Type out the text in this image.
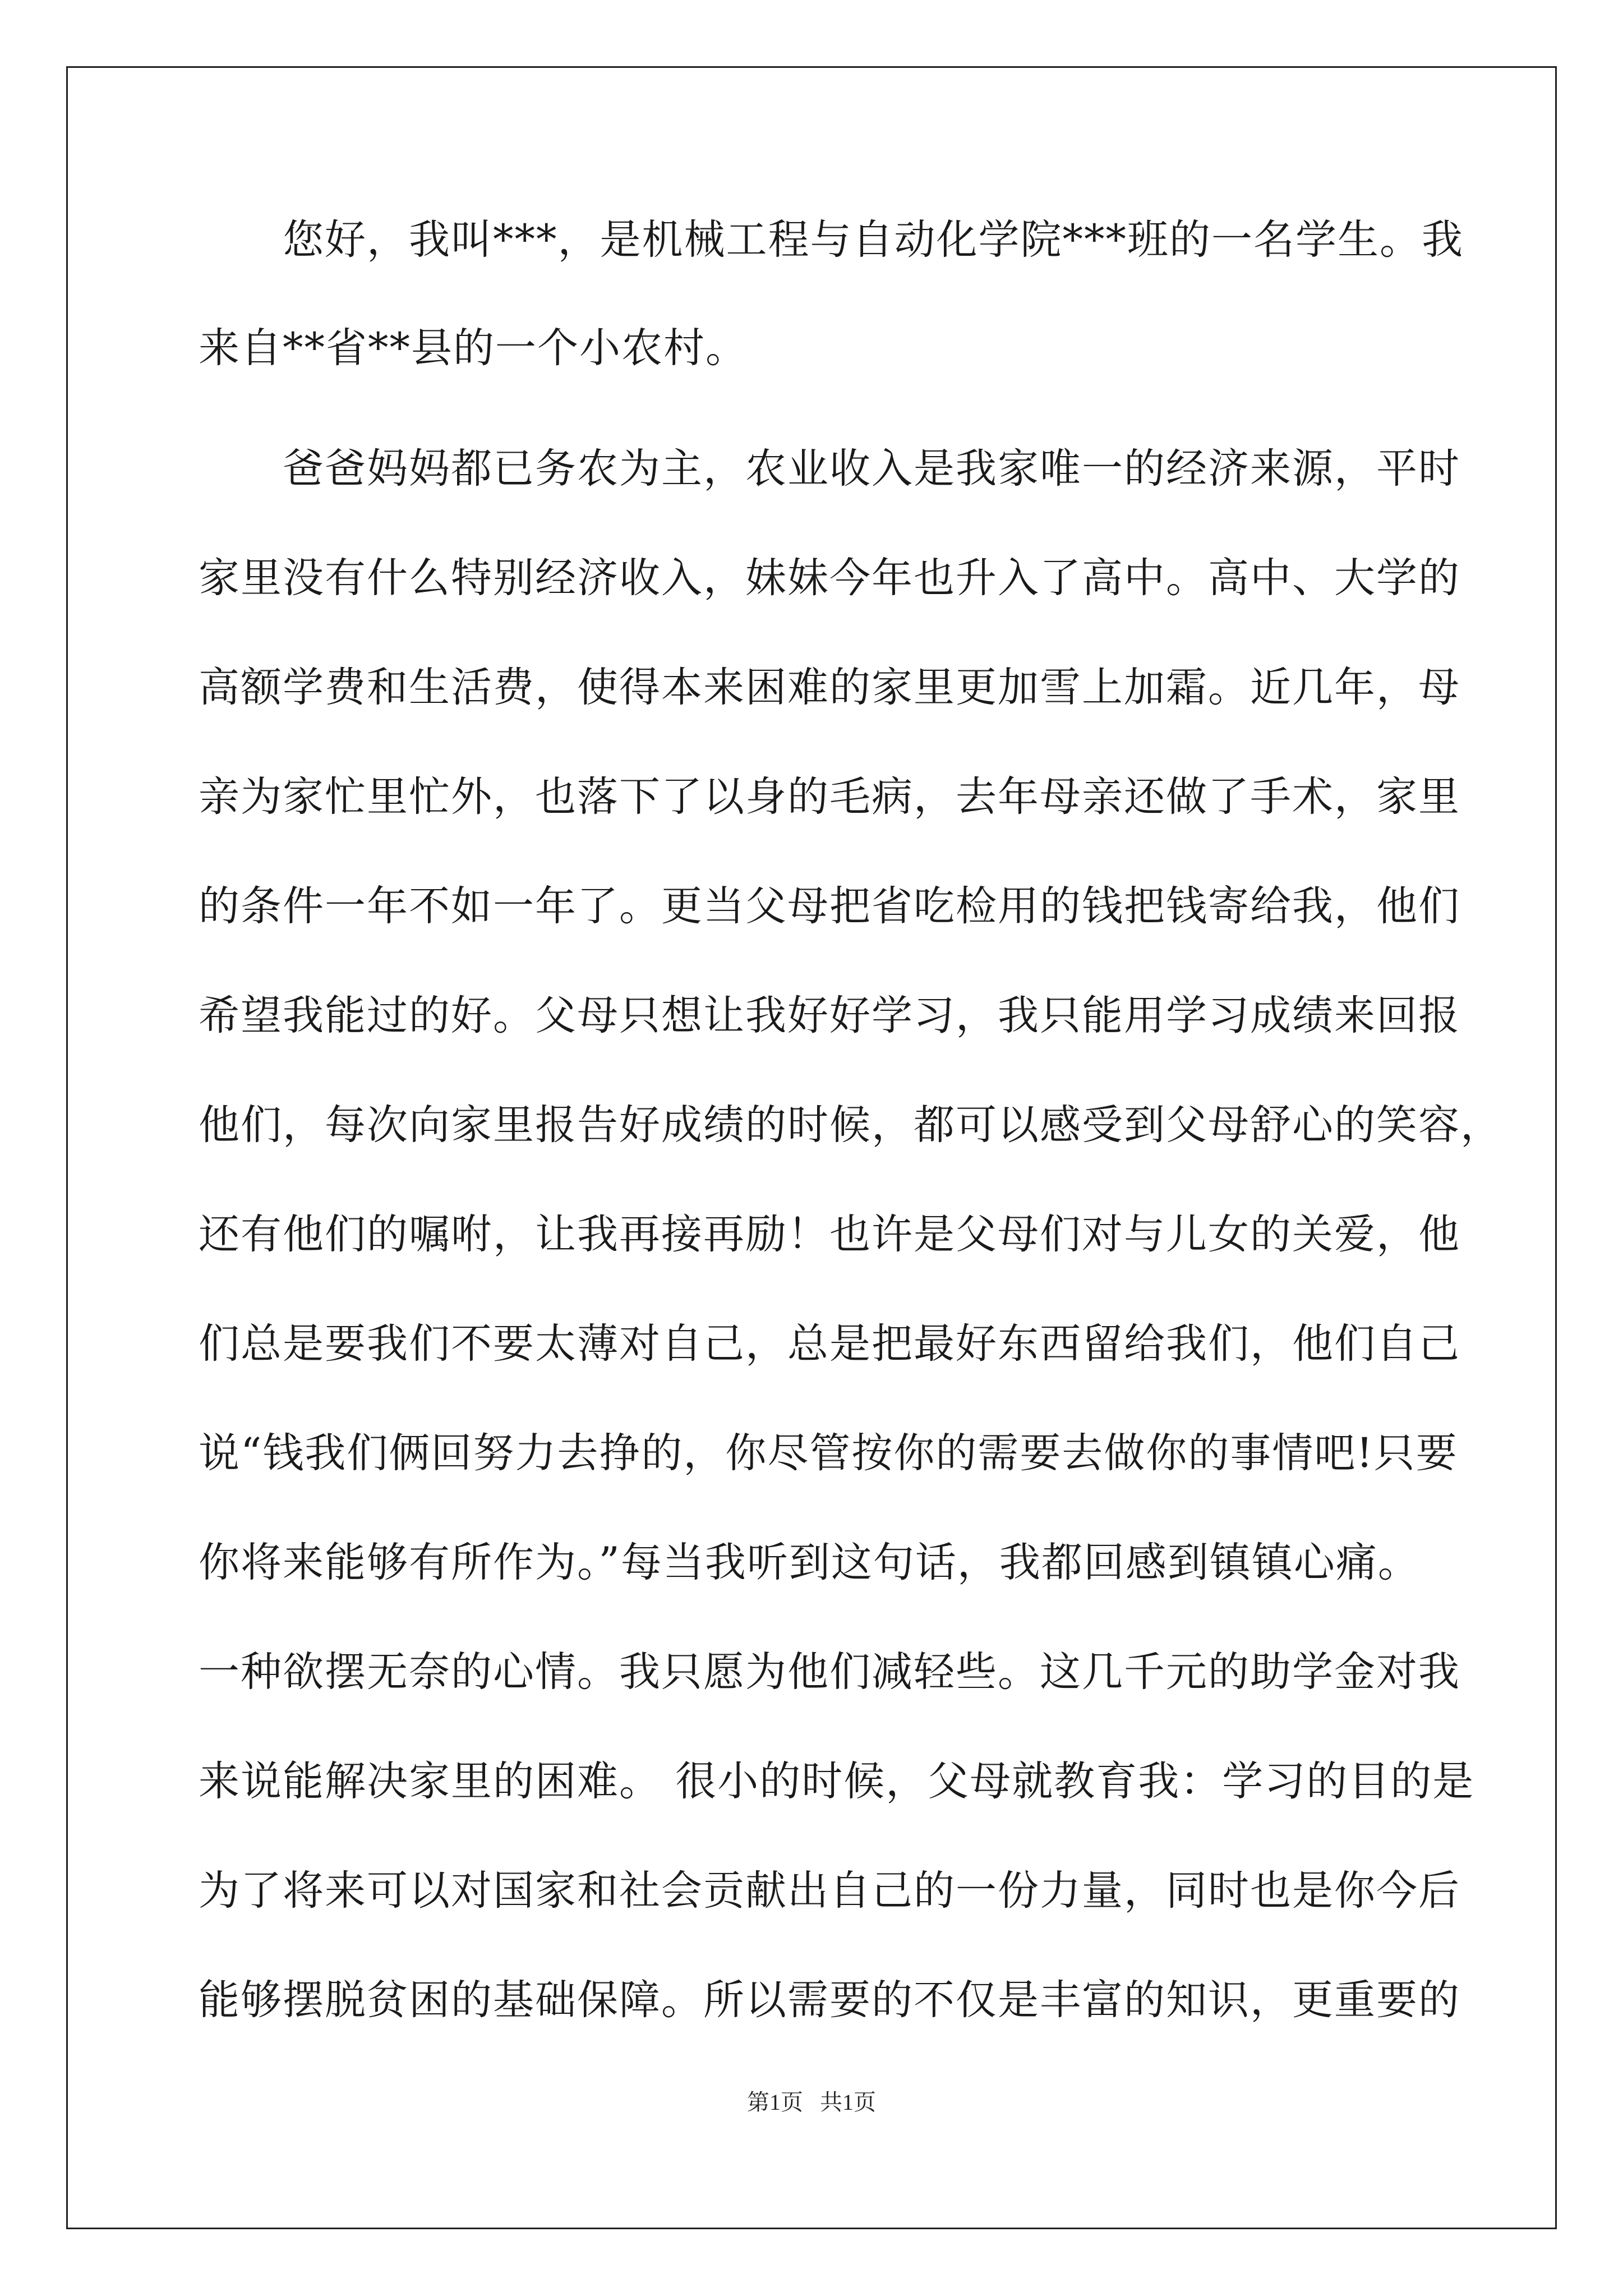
　　您好，我叫***，是机械工程与自动化学院***班的一名学生。我
来自**省**县的一个小农村。
　　爸爸妈妈都已务农为主，农业收入是我家唯一的经济来源，平时
家里没有什么特别经济收入，妹妹今年也升入了高中。高中、大学的
高额学费和生活费，使得本来困难的家里更加雪上加霜。近几年，母
亲为家忙里忙外，也落下了以身的毛病，去年母亲还做了手术，家里
的条件一年不如一年了。更当父母把省吃检用的钱把钱寄给我，他们
希望我能过的好。父母只想让我好好学习，我只能用学习成绩来回报
他们，每次向家里报告好成绩的时候，都可以感受到父母舒心的笑容，
还有他们的嘱咐，让我再接再励！也许是父母们对与儿女的关爱，他
们总是要我们不要太薄对自己，总是把最好东西留给我们，他们自己
说“钱我们俩回努力去挣的，你尽管按你的需要去做你的事情吧!只要
你将来能够有所作为。”每当我听到这句话，我都回感到镇镇心痛。
一种欲摆无奈的心情。我只愿为他们减轻些。这几千元的助学金对我
来说能解决家里的困难。 很小的时候，父母就教育我：学习的目的是
为了将来可以对国家和社会贡献出自己的一份力量，同时也是你今后
能够摆脱贫困的基础保障。所以需要的不仅是丰富的知识，更重要的
第1页   共1页
